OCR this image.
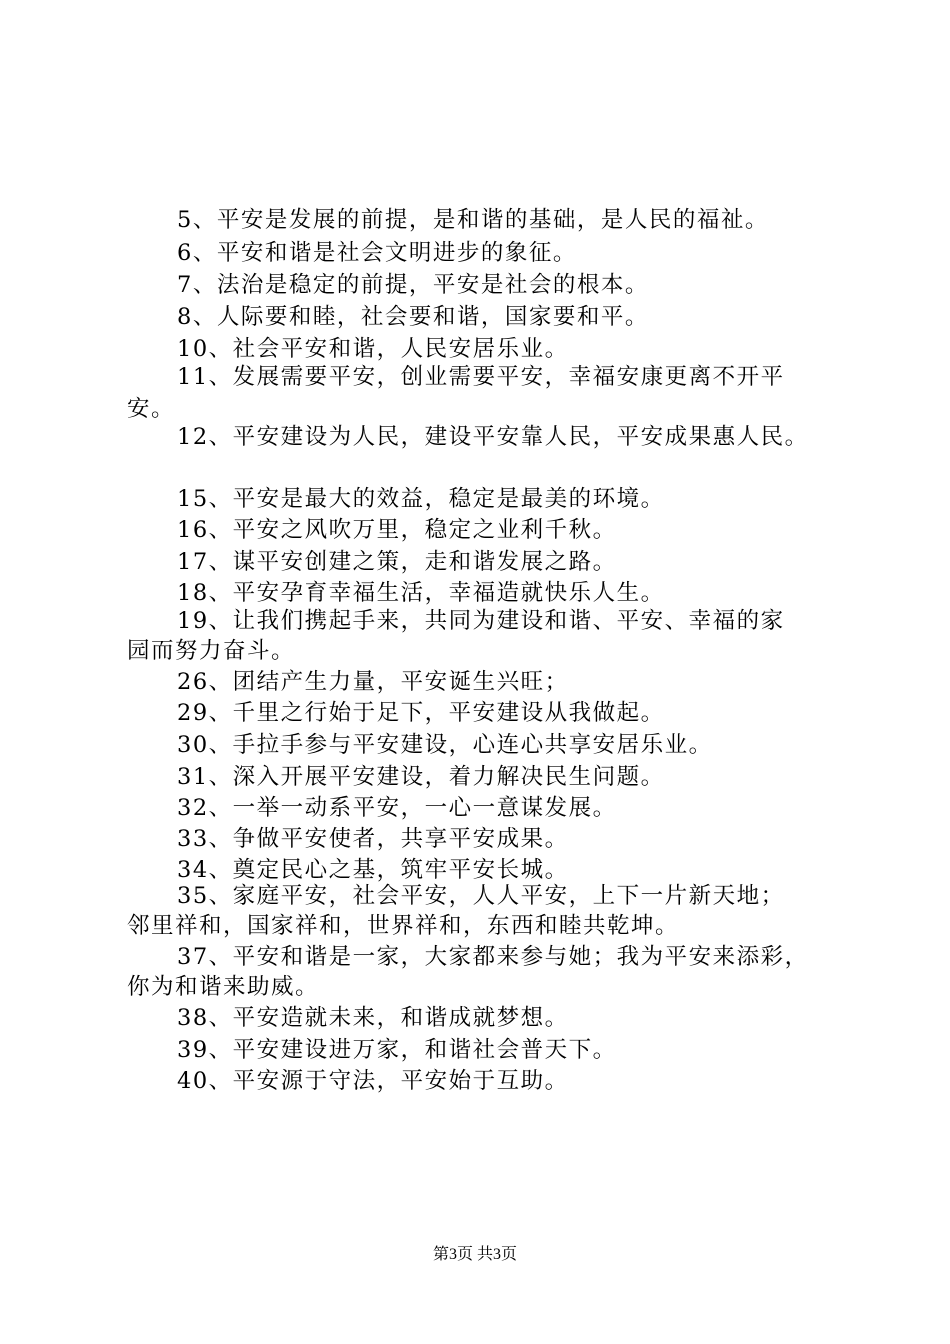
5、平安是发展的前提，是和谐的基础，是人民的福祉。
6、平安和谐是社会文明进步的象征。
7、法治是稳定的前提，平安是社会的根本。
8、人际要和睦，社会要和谐，国家要和平。
10、社会平安和谐，人民安居乐业。
11、发展需要平安，创业需要平安，幸福安康更离不开平
安。
12、平安建设为人民，建设平安靠人民，平安成果惠人民。
15、平安是最大的效益，稳定是最美的环境。
16、平安之风吹万里，稳定之业利千秋。
17、谋平安创建之策，走和谐发展之路。
18、平安孕育幸福生活，幸福造就快乐人生。
19、让我们携起手来，共同为建设和谐、平安、幸福的家
园而努力奋斗。
26、团结产生力量，平安诞生兴旺；
29、千里之行始于足下，平安建设从我做起。
30、手拉手参与平安建设，心连心共享安居乐业。
31、深入开展平安建设，着力解决民生问题。
32、一举一动系平安，一心一意谋发展。
33、争做平安使者，共享平安成果。
34、奠定民心之基，筑牢平安长城。
35、家庭平安，社会平安，人人平安，上下一片新天地；
邻里祥和，国家祥和，世界祥和，东西和睦共乾坤。
37、平安和谐是一家，大家都来参与她；我为平安来添彩，
你为和谐来助威。
38、平安造就未来，和谐成就梦想。
39、平安建设进万家，和谐社会普天下。
40、平安源于守法，平安始于互助。
第3页 共3页
